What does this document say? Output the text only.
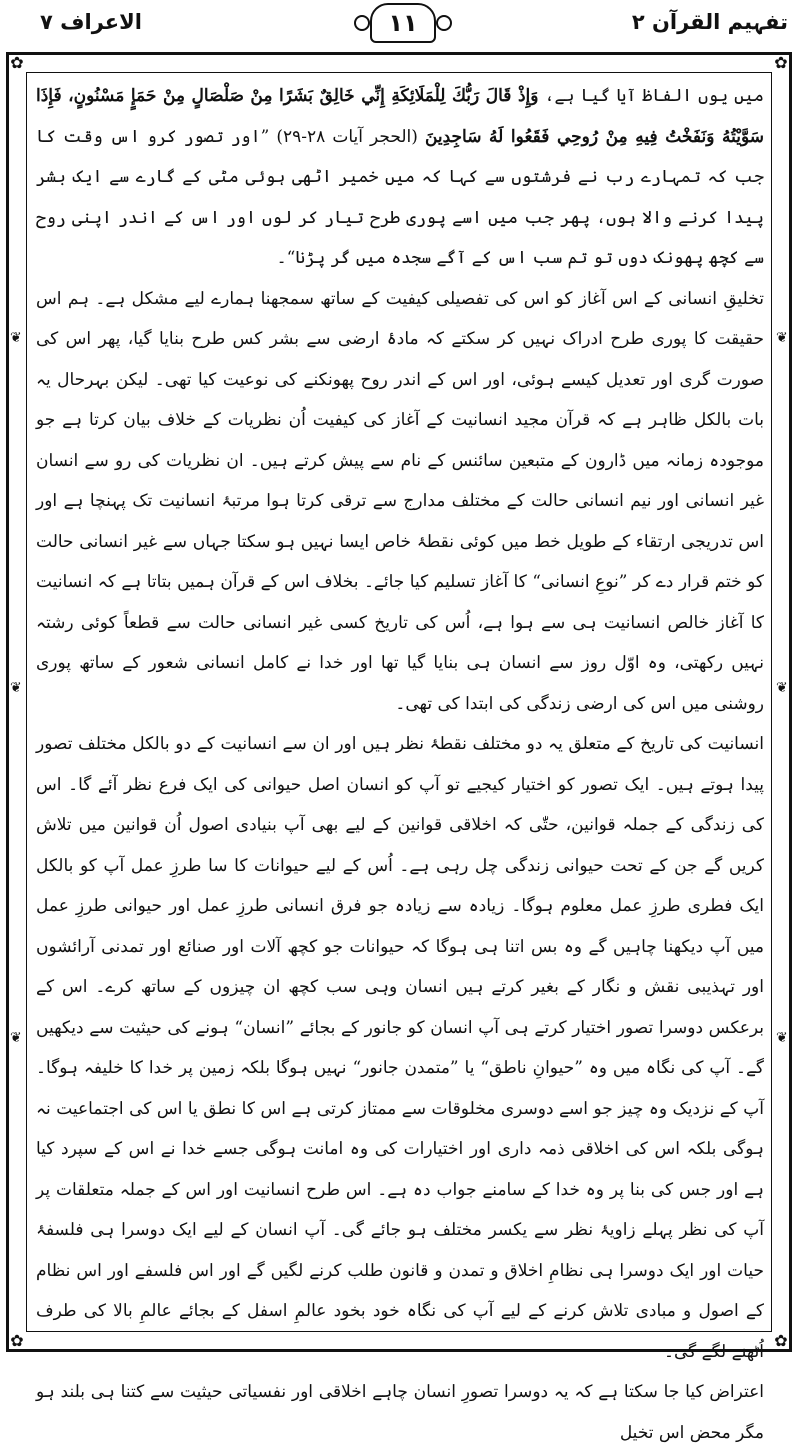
تفہیم القرآن ۲
۱۱
الاعراف ۷
✿	✿
✿	✿
❦
❦
❦
❦
❦
❦

میں یوں الفاظ آیا گیا ہے، وَإِذْ قَالَ رَبُّكَ لِلْمَلَائِكَةِ إِنِّي خَالِقٌ بَشَرًا مِنْ صَلْصَالٍ مِنْ حَمَإٍ مَسْنُونٍ، فَإِذَا سَوَّيْتُهُ وَنَفَخْتُ فِيهِ مِنْ رُوحِي فَقَعُوا لَهُ سَاجِدِينَ (الحجر آیات ۲۸-۲۹) ”اور تصور کرو اس وقت کا جب کہ تمہارے رب نے فرشتوں سے کہا کہ میں خمیر اٹھی ہوئی مٹی کے گارے سے ایک بشر پیدا کرنے والا ہوں، پھر جب میں اسے پوری طرح تیار کر لوں اور اس کے اندر اپنی روح سے کچھ پھونک دوں تو تم سب اس کے آگے سجدہ میں گر پڑنا“۔

تخلیقِ انسانی کے اس آغاز کو اس کی تفصیلی کیفیت کے ساتھ سمجھنا ہمارے لیے مشکل ہے۔ ہم اس حقیقت کا پوری طرح ادراک نہیں کر سکتے کہ مادۂ ارضی سے بشر کس طرح بنایا گیا، پھر اس کی صورت گری اور تعدیل کیسے ہوئی، اور اس کے اندر روح پھونکنے کی نوعیت کیا تھی۔ لیکن بہرحال یہ بات بالکل ظاہر ہے کہ قرآن مجید انسانیت کے آغاز کی کیفیت اُن نظریات کے خلاف بیان کرتا ہے جو موجودہ زمانہ میں ڈارون کے متبعین سائنس کے نام سے پیش کرتے ہیں۔ ان نظریات کی رو سے انسان غیر انسانی اور نیم انسانی حالت کے مختلف مدارج سے ترقی کرتا ہوا مرتبۂ انسانیت تک پہنچا ہے اور اس تدریجی ارتقاء کے طویل خط میں کوئی نقطۂ خاص ایسا نہیں ہو سکتا جہاں سے غیر انسانی حالت کو ختم قرار دے کر ”نوعِ انسانی“ کا آغاز تسلیم کیا جائے۔ بخلاف اس کے قرآن ہمیں بتاتا ہے کہ انسانیت کا آغاز خالص انسانیت ہی سے ہوا ہے، اُس کی تاریخ کسی غیر انسانی حالت سے قطعاً کوئی رشتہ نہیں رکھتی، وہ اوّل روز سے انسان ہی بنایا گیا تھا اور خدا نے کامل انسانی شعور کے ساتھ پوری روشنی میں اس کی ارضی زندگی کی ابتدا کی تھی۔

انسانیت کی تاریخ کے متعلق یہ دو مختلف نقطۂ نظر ہیں اور ان سے انسانیت کے دو بالکل مختلف تصور پیدا ہوتے ہیں۔ ایک تصور کو اختیار کیجیے تو آپ کو انسان اصل حیوانی کی ایک فرع نظر آئے گا۔ اس کی زندگی کے جملہ قوانین، حتّٰی کہ اخلاقی قوانین کے لیے بھی آپ بنیادی اصول اُن قوانین میں تلاش کریں گے جن کے تحت حیوانی زندگی چل رہی ہے۔ اُس کے لیے حیوانات کا سا طرزِ عمل آپ کو بالکل ایک فطری طرزِ عمل معلوم ہوگا۔ زیادہ سے زیادہ جو فرق انسانی طرزِ عمل اور حیوانی طرزِ عمل میں آپ دیکھنا چاہیں گے وہ بس اتنا ہی ہوگا کہ حیوانات جو کچھ آلات اور صنائع اور تمدنی آرائشوں اور تہذیبی نقش و نگار کے بغیر کرتے ہیں انسان وہی سب کچھ ان چیزوں کے ساتھ کرے۔ اس کے برعکس دوسرا تصور اختیار کرتے ہی آپ انسان کو جانور کے بجائے ”انسان“ ہونے کی حیثیت سے دیکھیں گے۔ آپ کی نگاہ میں وہ ”حیوانِ ناطق“ یا ”متمدن جانور“ نہیں ہوگا بلکہ زمین پر خدا کا خلیفہ ہوگا۔ آپ کے نزدیک وہ چیز جو اسے دوسری مخلوقات سے ممتاز کرتی ہے اس کا نطق یا اس کی اجتماعیت نہ ہوگی بلکہ اس کی اخلاقی ذمہ داری اور اختیارات کی وہ امانت ہوگی جسے خدا نے اس کے سپرد کیا ہے اور جس کی بنا پر وہ خدا کے سامنے جواب دہ ہے۔ اس طرح انسانیت اور اس کے جملہ متعلقات پر آپ کی نظر پہلے زاویۂ نظر سے یکسر مختلف ہو جائے گی۔ آپ انسان کے لیے ایک دوسرا ہی فلسفۂ حیات اور ایک دوسرا ہی نظامِ اخلاق و تمدن و قانون طلب کرنے لگیں گے اور اس فلسفے اور اس نظام کے اصول و مبادی تلاش کرنے کے لیے آپ کی نگاہ خود بخود عالمِ اسفل کے بجائے عالمِ بالا کی طرف اُٹھنے لگے گی۔

اعتراض کیا جا سکتا ہے کہ یہ دوسرا تصورِ انسان چاہے اخلاقی اور نفسیاتی حیثیت سے کتنا ہی بلند ہو مگر محض اس تخیل
